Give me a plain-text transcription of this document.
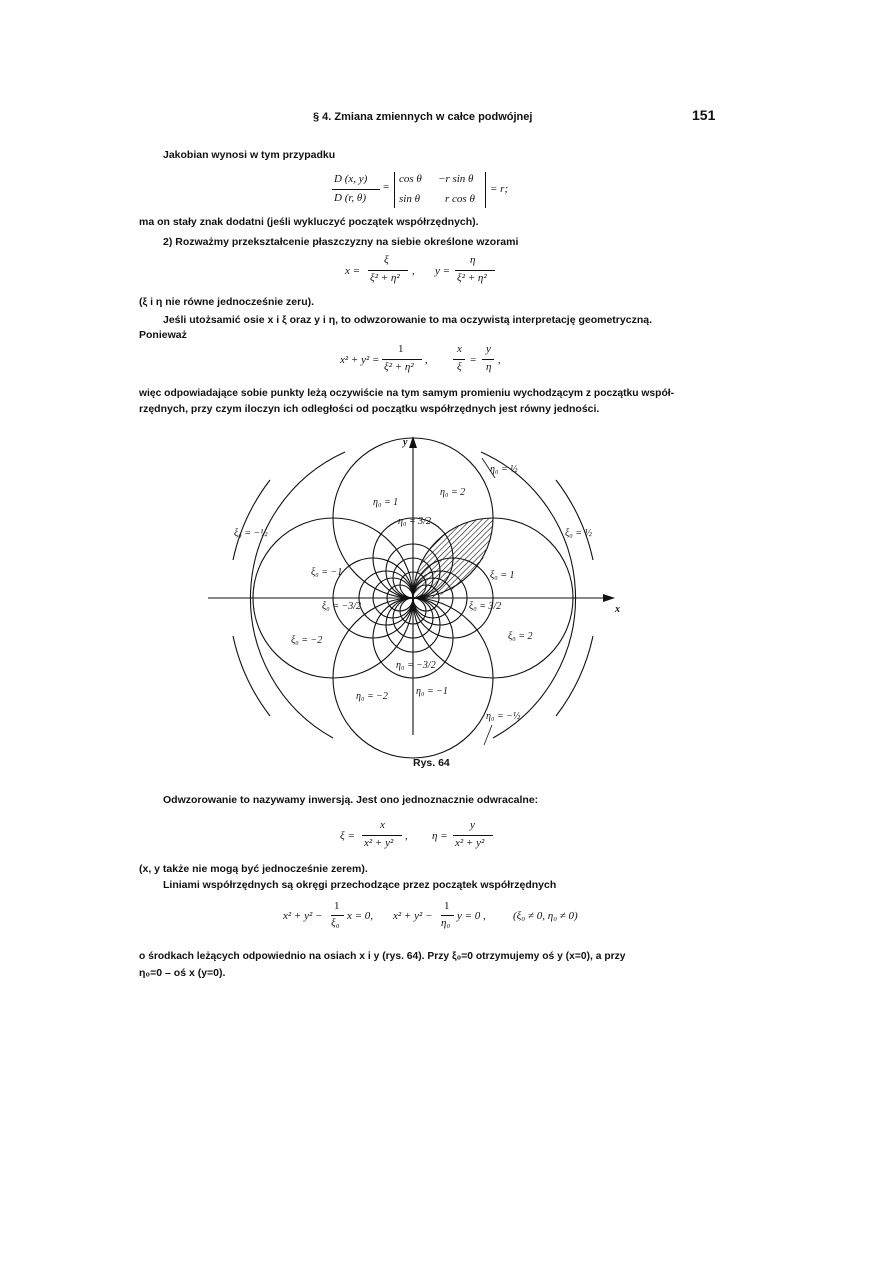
§ 4. Zmiana zmiennych w całce podwójnej	151
Jakobian wynosi w tym przypadku
D (x, y)
D (r, θ)
=
cos θ −r sin θ
sin θ r cos θ
= r;
ma on stały znak dodatni (jeśli wykluczyć początek współrzędnych).
2) Rozważmy przekształcenie płaszczyzny na siebie określone wzorami
x =
ξ
ξ² + η²
, y =
η
ξ² + η²
(ξ i η nie równe jednocześnie zeru).
Jeśli utożsamić osie x i ξ oraz y i η, to odwzorowanie to ma oczywistą interpretację geometryczną.
Ponieważ
x² + y² =
1
ξ² + η²
,
x
ξ
=
y
η
,
więc odpowiadające sobie punkty leżą oczywiście na tym samym promieniu wychodzącym z początku współ-
rzędnych, przy czym iloczyn ich odległości od początku współrzędnych jest równy jedności.
y
x
η₀ = ½
η₀ = 1
η₀ = 2
η₀ = 3/2
ξ₀ = −½	ξ₀ = ½
ξ₀ = −1	ξ₀ = 1
ξ₀ = −3/2	ξ₀ = 3/2
ξ₀ = −2	ξ₀ = 2
η₀ = −3/2
η₀ = −2	η₀ = −1
η₀ = −½
Rys. 64
Odwzorowanie to nazywamy inwersją. Jest ono jednoznacznie odwracalne:
ξ =
x
x² + y²
, η =
y
x² + y²
(x, y także nie mogą być jednocześnie zerem).
Liniami współrzędnych są okręgi przechodzące przez początek współrzędnych
x² + y² −
1
ξ₀
x = 0, x² + y² −
1
η₀
y = 0 , (ξ₀ ≠ 0, η₀ ≠ 0)
o środkach leżących odpowiednio na osiach x i y (rys. 64). Przy ξ₀=0 otrzymujemy oś y (x=0), a przy
η₀=0 – oś x (y=0).
